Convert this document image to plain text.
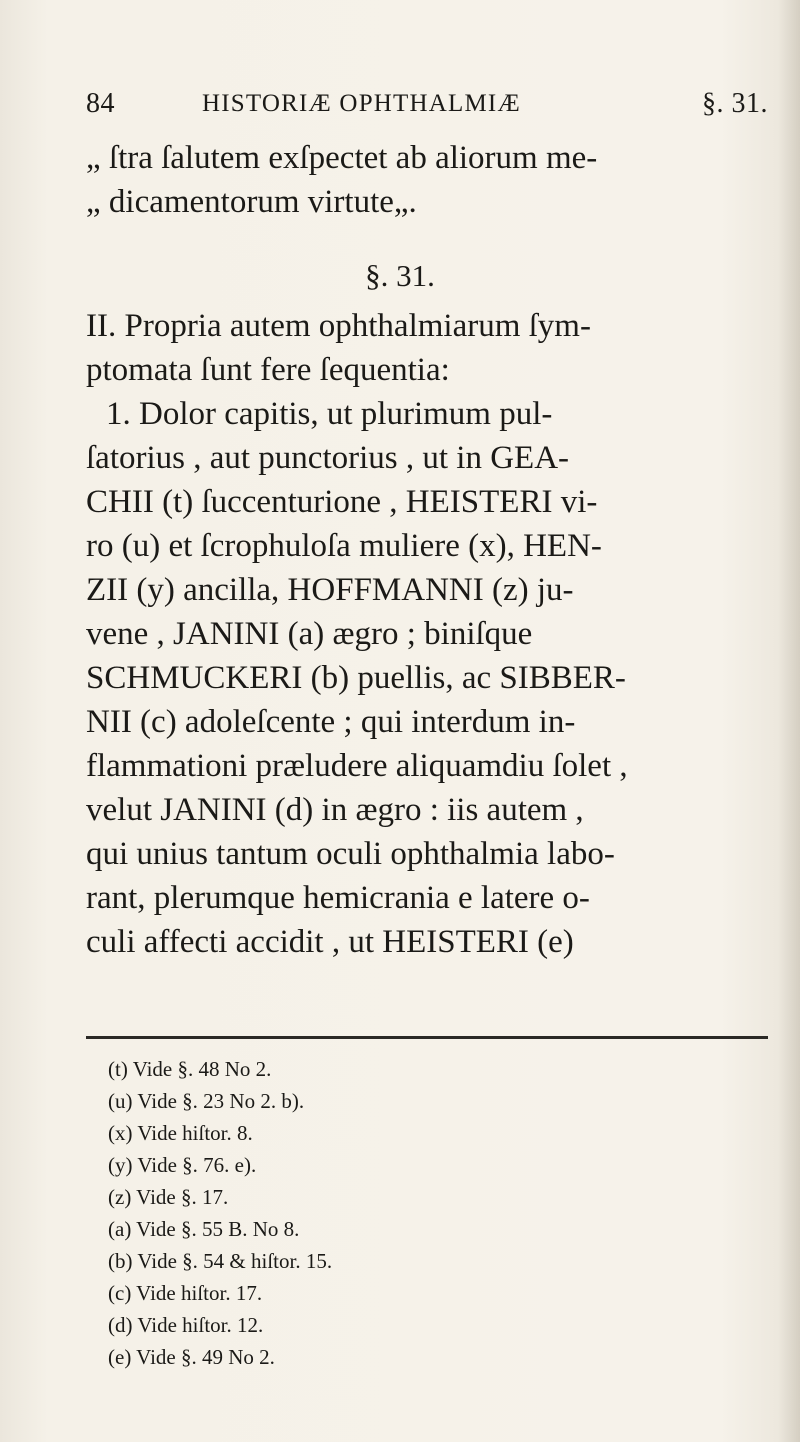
84	HISTORIÆ OPHTHALMIÆ	§. 31.
„ ſtra ſalutem exſpectet ab aliorum me-
„ dicamentorum virtute„.
§. 31.
II. Propria autem ophthalmiarum ſym-
ptomata ſunt fere ſequentia:
1. Dolor capitis, ut plurimum pul-
ſatorius , aut punctorius , ut in GEA-
CHII (t) ſuccenturione , HEISTERI vi-
ro (u) et ſcrophuloſa muliere (x), HEN-
ZII (y) ancilla, HOFFMANNI (z) ju-
vene , JANINI (a) ægro ; biniſque
SCHMUCKERI (b) puellis, ac SIBBER-
NII (c) adoleſcente ; qui interdum in-
flammationi prӕludere aliquamdiu ſolet ,
velut JANINI (d) in ægro : iis autem ,
qui unius tantum oculi ophthalmia labo-
rant, plerumque hemicrania e latere o-
culi affecti accidit , ut HEISTERI (e)
(t) Vide §. 48 No 2.
(u) Vide §. 23 No 2. b).
(x) Vide hiſtor. 8.
(y) Vide §. 76. e).
(z) Vide §. 17.
(a) Vide §. 55 B. No 8.
(b) Vide §. 54 & hiſtor. 15.
(c) Vide hiſtor. 17.
(d) Vide hiſtor. 12.
(e) Vide §. 49 No 2.
